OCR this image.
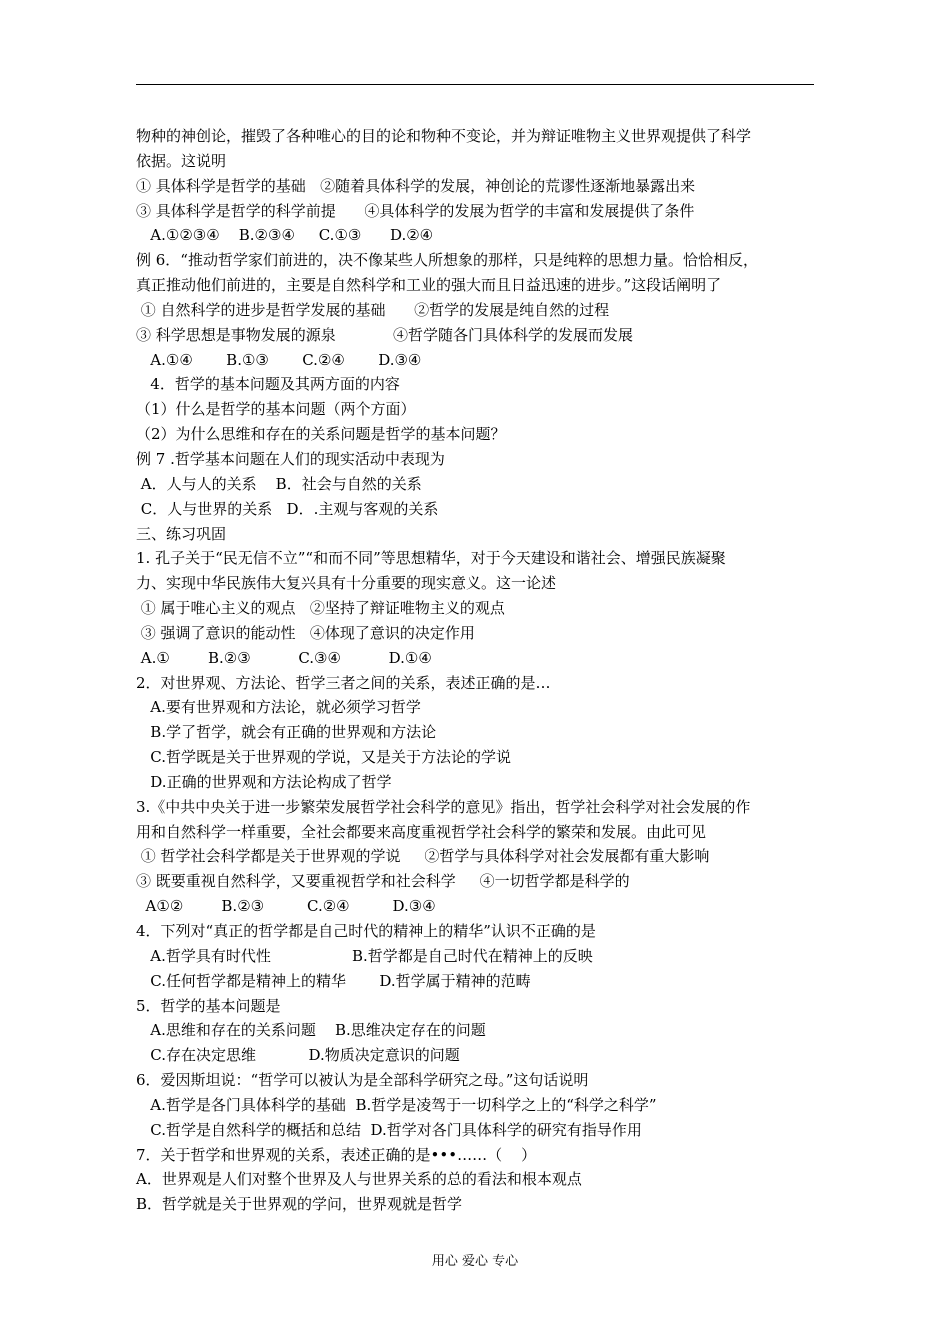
物种的神创论，摧毁了各种唯心的目的论和物种不变论，并为辩证唯物主义世界观提供了科学

依据。这说明

① 具体科学是哲学的基础   ②随着具体科学的发展，神创论的荒谬性逐渐地暴露出来

③ 具体科学是哲学的科学前提      ④具体科学的发展为哲学的丰富和发展提供了条件

A.①②③④    B.②③④     C.①③      D.②④

例 6．“推动哲学家们前进的，决不像某些人所想象的那样，只是纯粹的思想力量。恰恰相反，

真正推动他们前进的，主要是自然科学和工业的强大而且日益迅速的进步。”这段话阐明了

① 自然科学的进步是哲学发展的基础      ②哲学的发展是纯自然的过程

③ 科学思想是事物发展的源泉            ④哲学随各门具体科学的发展而发展

A.①④       B.①③       C.②④       D.③④

4．哲学的基本问题及其两方面的内容

（1）什么是哲学的基本问题（两个方面）

（2）为什么思维和存在的关系问题是哲学的基本问题？

例 7 .哲学基本问题在人们的现实活动中表现为

A．人与人的关系    B．社会与自然的关系

C．人与世界的关系   D．.主观与客观的关系

三、练习巩固

1. 孔子关于“民无信不立”“和而不同”等思想精华，对于今天建设和谐社会、增强民族凝聚

力、实现中华民族伟大复兴具有十分重要的现实意义。这一论述

① 属于唯心主义的观点   ②坚持了辩证唯物主义的观点

③ 强调了意识的能动性   ④体现了意识的决定作用

A.①        B.②③          C.③④          D.①④

2．对世界观、方法论、哲学三者之间的关系，表述正确的是…

A.要有世界观和方法论，就必须学习哲学

B.学了哲学，就会有正确的世界观和方法论

C.哲学既是关于世界观的学说，又是关于方法论的学说

D.正确的世界观和方法论构成了哲学

3.《中共中央关于进一步繁荣发展哲学社会科学的意见》指出，哲学社会科学对社会发展的作

用和自然科学一样重要，全社会都要来高度重视哲学社会科学的繁荣和发展。由此可见

① 哲学社会科学都是关于世界观的学说     ②哲学与具体科学对社会发展都有重大影响

③ 既要重视自然科学，又要重视哲学和社会科学     ④一切哲学都是科学的

A①②        B.②③         C.②④         D.③④

4．下列对“真正的哲学都是自己时代的精神上的精华”认识不正确的是

A.哲学具有时代性                 B.哲学都是自己时代在精神上的反映

C.任何哲学都是精神上的精华       D.哲学属于精神的范畴

5．哲学的基本问题是

A.思维和存在的关系问题    B.思维决定存在的问题

C.存在决定思维           D.物质决定意识的问题

6．爱因斯坦说：“哲学可以被认为是全部科学研究之母。”这句话说明

A.哲学是各门具体科学的基础  B.哲学是凌驾于一切科学之上的“科学之科学”

C.哲学是自然科学的概括和总结  D.哲学对各门具体科学的研究有指导作用

7．关于哲学和世界观的关系，表述正确的是•••……（    ）

A．世界观是人们对整个世界及人与世界关系的总的看法和根本观点

B．哲学就是关于世界观的学问，世界观就是哲学

用心 爱心 专心
